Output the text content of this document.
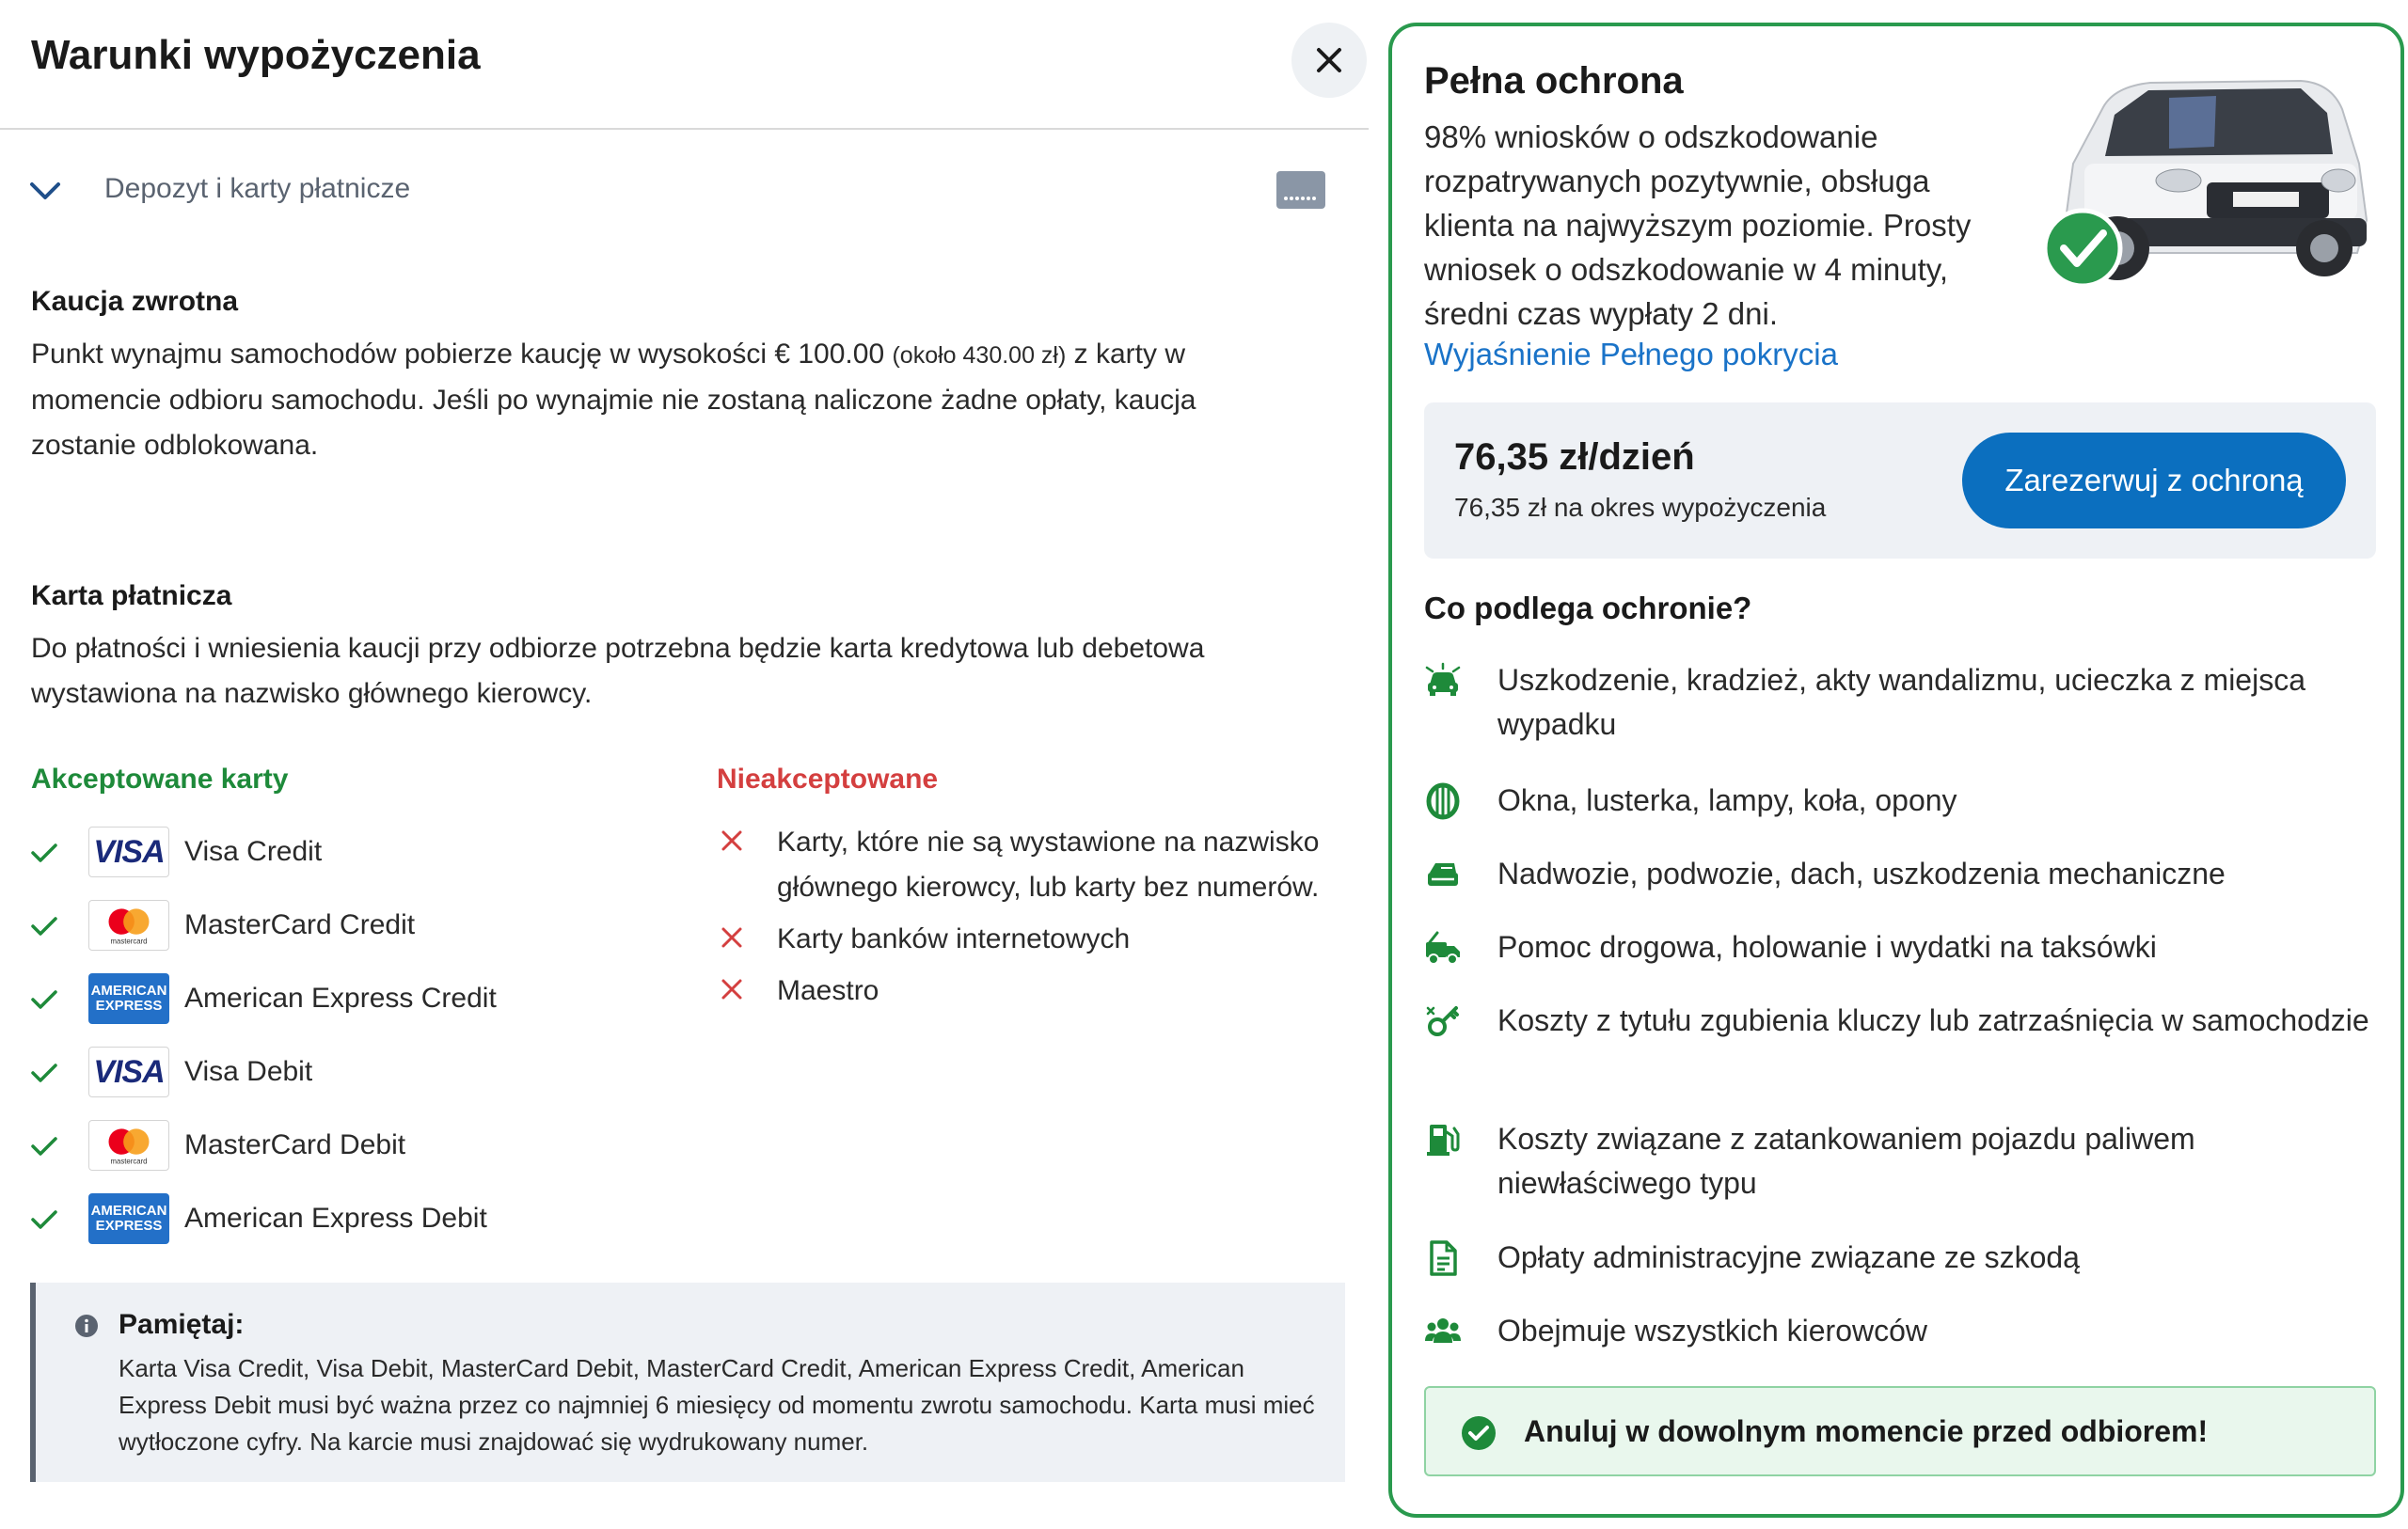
Warunki wypożyczenia
Depozyt i karty płatnicze
Kaucja zwrotna
Punkt wynajmu samochodów pobierze kaucję w wysokości € 100.00 (około 430.00 zł) z karty w
momencie odbioru samochodu. Jeśli po wynajmie nie zostaną naliczone żadne opłaty, kaucja
zostanie odblokowana.
Karta płatnicza
Do płatności i wniesienia kaucji przy odbiorze potrzebna będzie karta kredytowa lub debetowa
wystawiona na nazwisko głównego kierowcy.
Akceptowane karty	Nieakceptowane
VISA Visa Credit
mastercard
MasterCard Credit
AMERICAN
EXPRESS American Express Credit
VISA Visa Debit
mastercard
MasterCard Debit
AMERICAN
EXPRESS American Express Debit
Karty, które nie są wystawione na nazwisko
głównego kierowcy, lub karty bez numerów.
Karty banków internetowych
Maestro
Pamiętaj:
Karta Visa Credit, Visa Debit, MasterCard Debit, MasterCard Credit, American Express Credit, American Express Debit musi być ważna przez co najmniej 6 miesięcy od momentu zwrotu samochodu. Karta musi mieć wytłoczone cyfry. Na karcie musi znajdować się wydrukowany numer.
Pełna ochrona
98% wniosków o odszkodowanie rozpatrywanych pozytywnie, obsługa klienta na najwyższym poziomie. Prosty wniosek o odszkodowanie w 4 minuty, średni czas wypłaty 2 dni.
Wyjaśnienie Pełnego pokrycia
76,35 zł/dzień
76,35 zł na okres wypożyczenia
Zarezerwuj z ochroną
Co podlega ochronie?
Uszkodzenie, kradzież, akty wandalizmu, ucieczka z miejsca wypadku
Okna, lusterka, lampy, koła, opony
Nadwozie, podwozie, dach, uszkodzenia mechaniczne
Pomoc drogowa, holowanie i wydatki na taksówki
Koszty z tytułu zgubienia kluczy lub zatrzaśnięcia w samochodzie
Koszty związane z zatankowaniem pojazdu paliwem niewłaściwego typu
Opłaty administracyjne związane ze szkodą
Obejmuje wszystkich kierowców
Anuluj w dowolnym momencie przed odbiorem!
